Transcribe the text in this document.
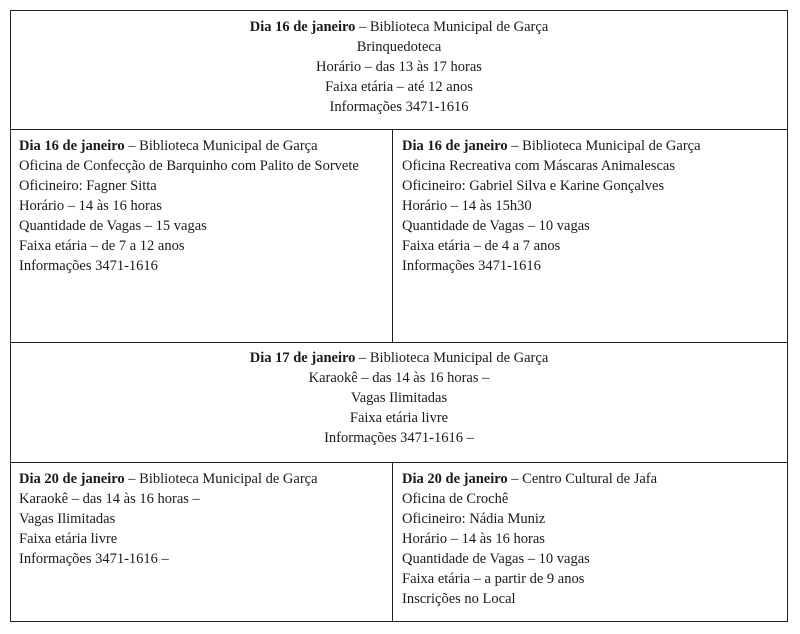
Dia 16 de janeiro – Biblioteca Municipal de Garça
Brinquedoteca
Horário – das 13 às 17 horas
Faixa etária – até 12 anos
Informações 3471-1616
Dia 16 de janeiro – Biblioteca Municipal de Garça
Oficina de Confecção de Barquinho com Palito de Sorvete
Oficineiro: Fagner Sitta
Horário – 14 às 16 horas
Quantidade de Vagas – 15 vagas
Faixa etária – de 7 a 12 anos
Informações 3471-1616
Dia 16 de janeiro – Biblioteca Municipal de Garça
Oficina Recreativa com Máscaras Animalescas
Oficineiro: Gabriel Silva e Karine Gonçalves
Horário – 14 às 15h30
Quantidade de Vagas – 10 vagas
Faixa etária – de 4 a 7 anos
Informações 3471-1616
Dia 17 de janeiro – Biblioteca Municipal de Garça
Karaokê – das 14 às 16 horas –
Vagas Ilimitadas
Faixa etária livre
Informações 3471-1616 –
Dia 20 de janeiro – Biblioteca Municipal de Garça
Karaokê – das 14 às 16 horas –
Vagas Ilimitadas
Faixa etária livre
Informações 3471-1616 –
Dia 20 de janeiro – Centro Cultural de Jafa
Oficina de Crochê
Oficineiro: Nádia Muniz
Horário – 14 às 16 horas
Quantidade de Vagas – 10 vagas
Faixa etária – a partir de 9 anos
Inscrições no Local
